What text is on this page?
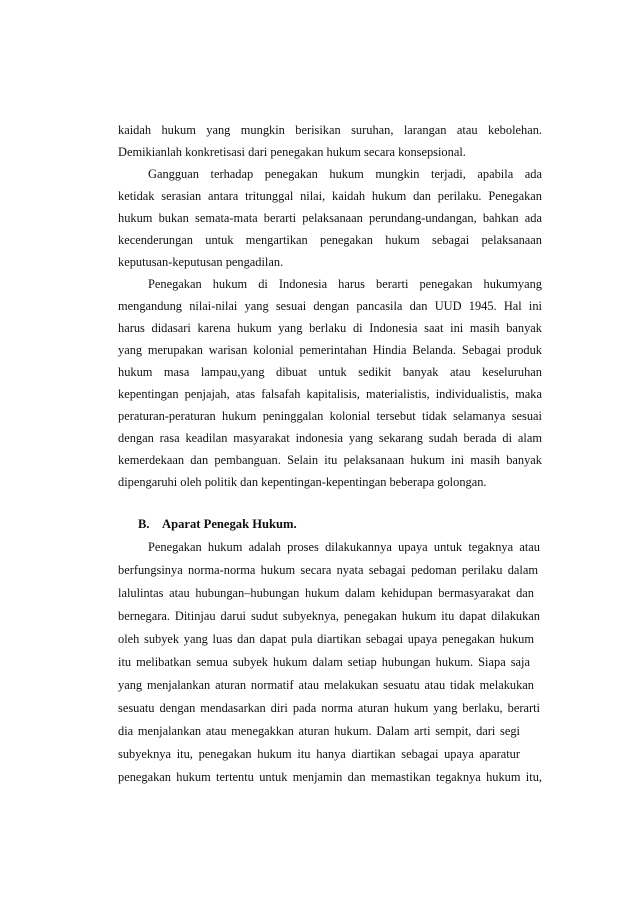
kaidah hukum yang mungkin berisikan suruhan, larangan atau kebolehan.
Demikianlah konkretisasi dari penegakan hukum secara konsepsional.
Gangguan terhadap penegakan hukum mungkin terjadi, apabila ada
ketidak serasian antara tritunggal nilai, kaidah hukum dan perilaku. Penegakan
hukum bukan semata-mata berarti pelaksanaan perundang-undangan, bahkan ada
kecenderungan untuk mengartikan penegakan hukum sebagai pelaksanaan
keputusan-keputusan pengadilan.
Penegakan hukum di Indonesia harus berarti penegakan hukumyang
mengandung nilai-nilai yang sesuai dengan pancasila dan UUD 1945. Hal ini
harus didasari karena hukum yang berlaku di Indonesia saat ini masih banyak
yang merupakan warisan kolonial pemerintahan Hindia Belanda. Sebagai produk
hukum masa lampau,yang dibuat untuk sedikit banyak atau keseluruhan
kepentingan penjajah, atas falsafah kapitalisis, materialistis, individualistis, maka
peraturan-peraturan hukum peninggalan kolonial tersebut tidak selamanya sesuai
dengan rasa keadilan masyarakat indonesia yang sekarang sudah berada di alam
kemerdekaan dan pembanguan. Selain itu pelaksanaan hukum ini masih banyak
dipengaruhi oleh politik dan kepentingan-kepentingan beberapa golongan.
B. Aparat Penegak Hukum.
Penegakan hukum adalah proses dilakukannya upaya untuk tegaknya atau
berfungsinya norma-norma hukum secara nyata sebagai pedoman perilaku dalam
lalulintas atau hubungan–hubungan hukum dalam kehidupan bermasyarakat dan
bernegara. Ditinjau darui sudut subyeknya, penegakan hukum itu dapat dilakukan
oleh subyek yang luas dan dapat pula diartikan sebagai upaya penegakan hukum
itu melibatkan semua subyek hukum dalam setiap hubungan hukum. Siapa saja
yang menjalankan aturan normatif atau melakukan sesuatu atau tidak melakukan
sesuatu dengan mendasarkan diri pada norma aturan hukum yang berlaku, berarti
dia menjalankan atau menegakkan aturan hukum. Dalam arti sempit, dari segi
subyeknya itu, penegakan hukum itu hanya diartikan sebagai upaya aparatur
penegakan hukum tertentu untuk menjamin dan memastikan tegaknya hukum itu,
